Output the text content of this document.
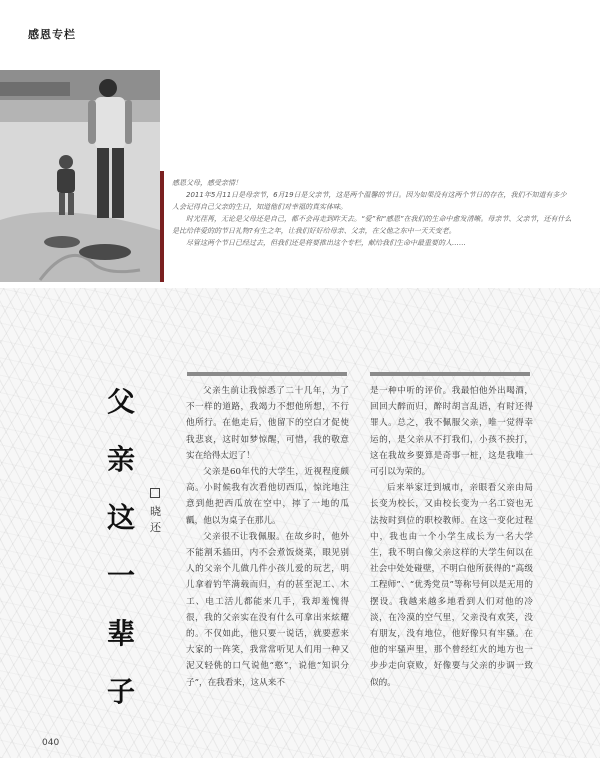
感恩专栏

感恩父母，感受亲情！

2011年5月11日是母亲节，6月19日是父亲节，这是两个温馨的节日。因为如果没有这两个节日的存在，我们不知道有多少人会记得自己父亲的生日，知道他们对幸福的真实体味。

时光荏苒，无论是父母还是自己，都不会再走到昨天去。“爱”和“感恩”在我们的生命中愈发清晰。母亲节、父亲节，还有什么是比给伴爱的的节日礼物?有生之年，让我们好好给母亲、父亲，在父他之东中一天天变老。

尽管这两个节日已经过去，但我们还是将要推出这个专栏，献给我们生命中最重要的人……

父
亲
这
一
辈
子
晓
还

父亲生前让我惊悉了二十几年，为了不一样的道路，我竭力不想他所想，不行他所行。在他走后，他留下的空白才促使我悲哀，这时如梦惊醒，可惜，我的敬意实在给得太迟了！

父亲是60年代的大学生，近视程度颇高。小时候我有次看他切西瓜，惊诧地注意到他把西瓜放在空中，摔了一地的瓜瓤，他以为桌子在那儿。

父亲很不让我佩服。在故乡时，他外不能割禾插田，内不会煮饭烧菜，眼见别人的父亲个儿做几件小孩儿爱的玩艺，明儿拿着钓竿满载而归，有的甚至泥工、木工、电工活儿都能来几手，我却羞愧得很，我的父亲实在没有什么可拿出来炫耀的。不仅如此，他只要一说话，就要惹来大家的一阵笑，我常常听见人们用一种又泥又轻佻的口气说他“憨”，说他“知识分子”，在我看来，这从来不

是一种中听的评价。我最怕他外出喝酒，回回大醉而归，醉时胡言乱语，有时还得罪人。总之，我不佩服父亲，唯一觉得幸运的，是父亲从不打我们，小孩不挨打，这在我故乡要算是奇事一桩，这是我唯一可引以为荣的。

后来举家迁到城市，亲眼看父亲由局长变为校长，又由校长变为一名工资也无法按时到位的职校教师。在这一变化过程中，我也由一个小学生成长为一名大学生，我不明白像父亲这样的大学生何以在社会中处处碰壁，不明白他所获得的“高级工程师”、“优秀党员”等称号何以是无用的摆设。我越来越多地看到人们对他的冷淡，在冷漠的空气里，父亲没有欢笑，没有朋友，没有地位，他好像只有牢骚。在他的牢骚声里，那个曾经红火的地方也一步步走向衰败，好像要与父亲的步调一致似的。

040
